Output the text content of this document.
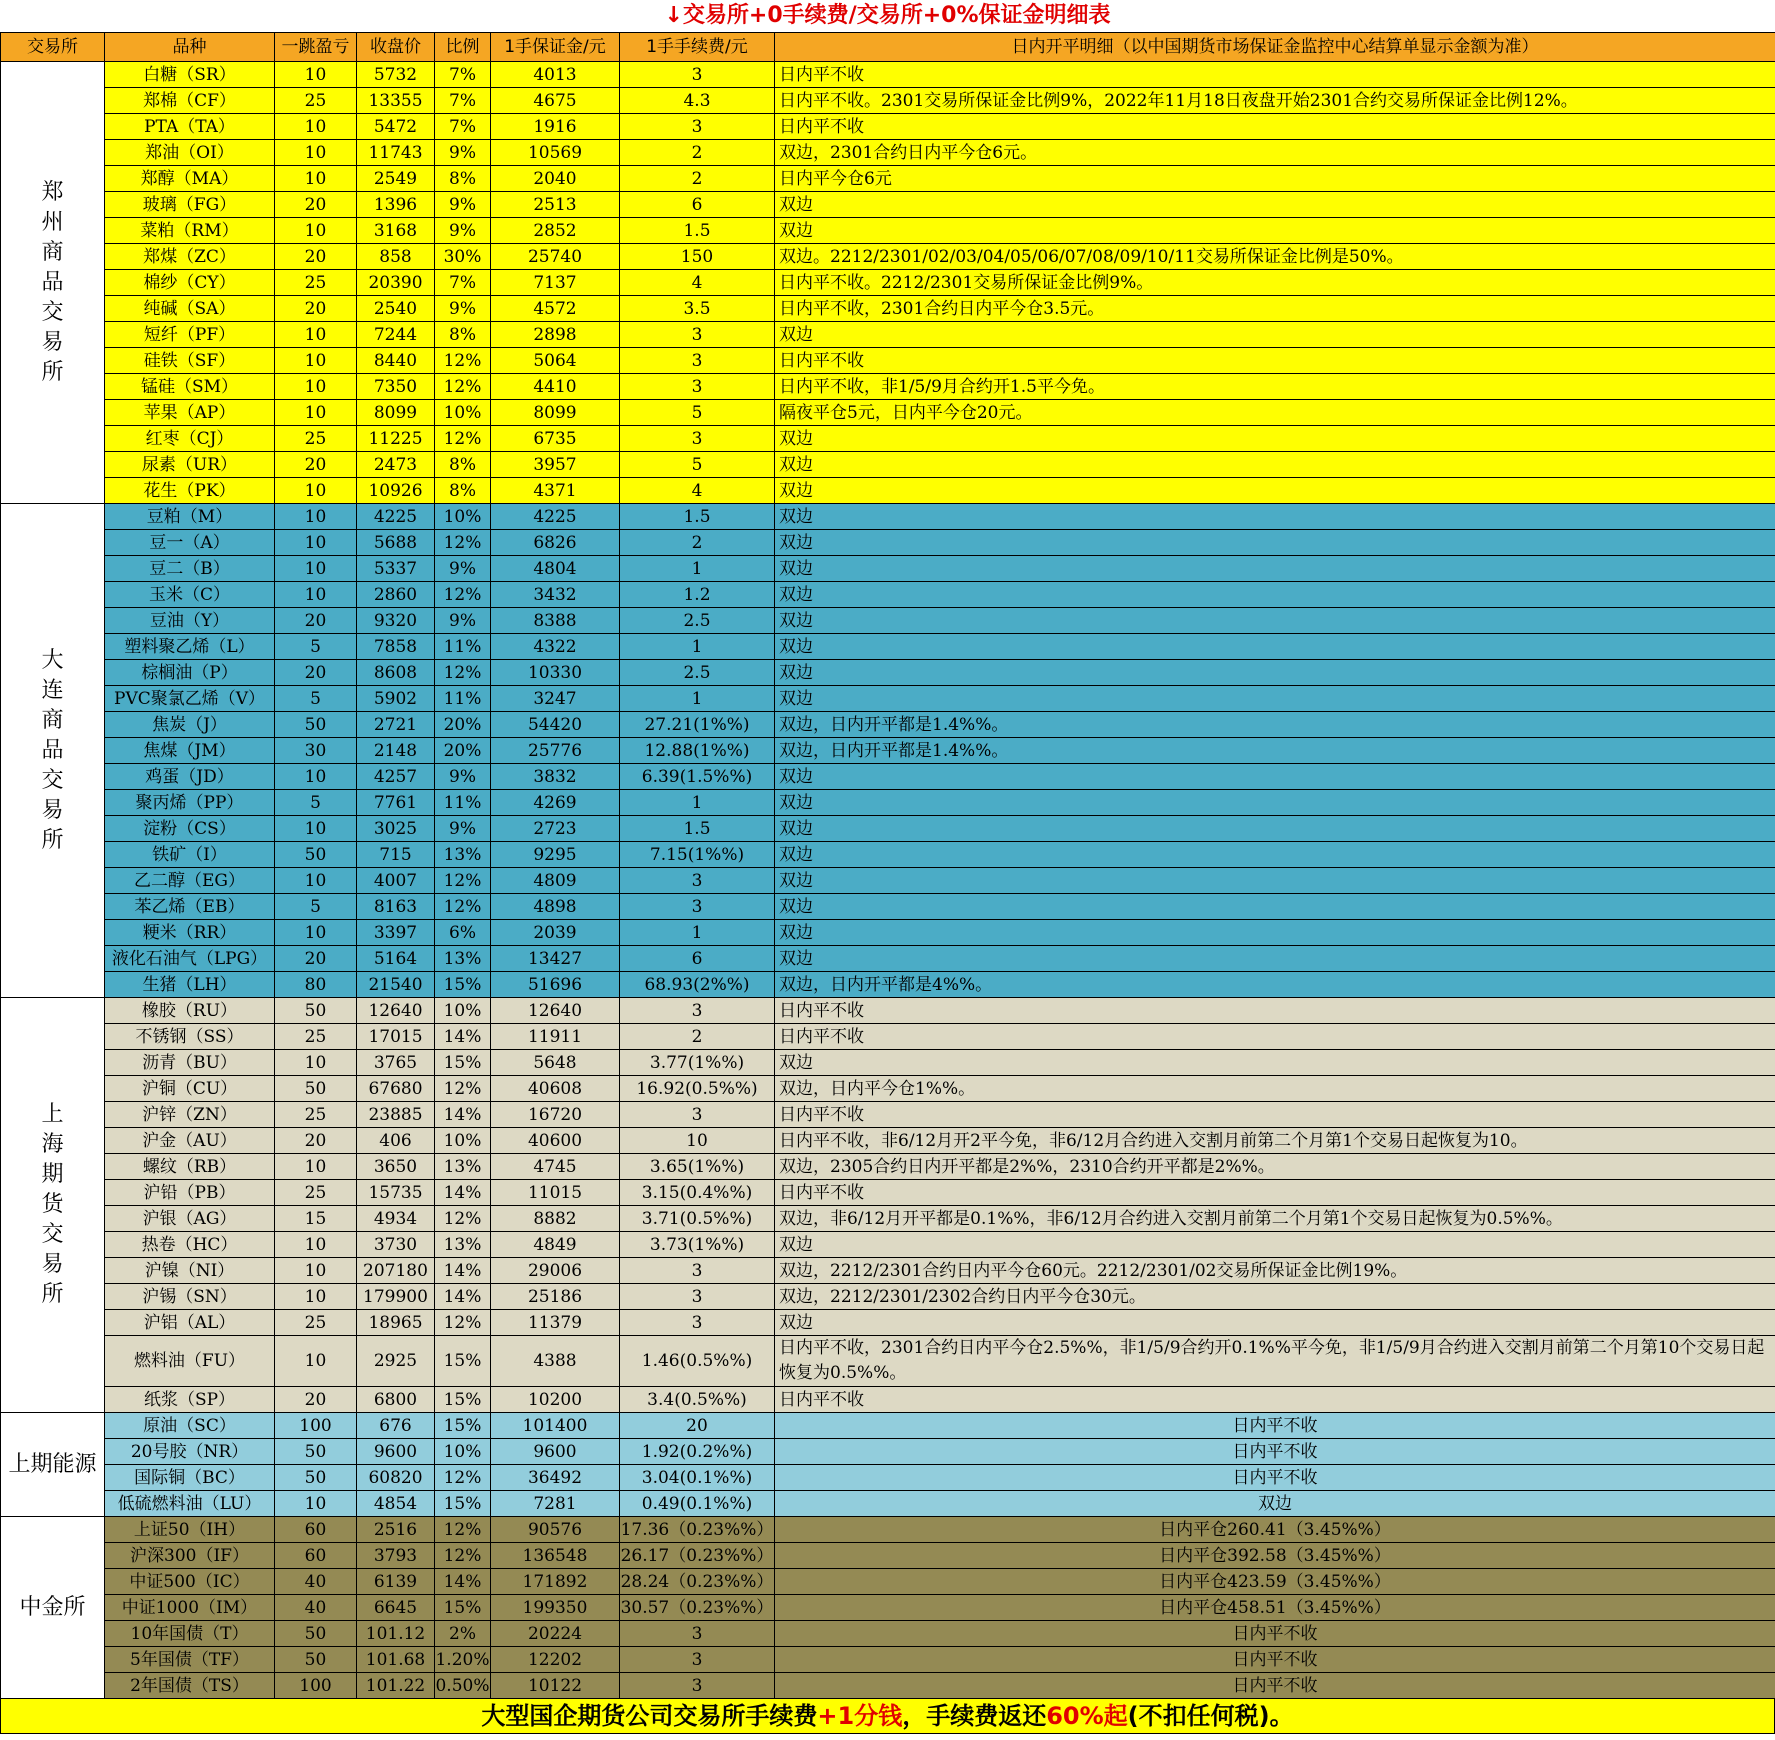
↓交易所+0手续费/交易所+0%保证金明细表
交易所	品种	一跳盈亏	收盘价	比例	1手保证金/元	1手手续费/元	日内开平明细（以中国期货市场保证金监控中心结算单显示金额为准）

郑州商品交易所	白糖（SR）	10	5732	7%	4013	3	日内平不收
	郑棉（CF）	25	13355	7%	4675	4.3	日内平不收。2301交易所保证金比例9%，2022年11月18日夜盘开始2301合约交易所保证金比例12%。
	PTA（TA）	10	5472	7%	1916	3	日内平不收
	郑油（OI）	10	11743	9%	10569	2	双边，2301合约日内平今仓6元。
	郑醇（MA）	10	2549	8%	2040	2	日内平今仓6元
	玻璃（FG）	20	1396	9%	2513	6	双边
	菜粕（RM）	10	3168	9%	2852	1.5	双边
	郑煤（ZC）	20	858	30%	25740	150	双边。2212/2301/02/03/04/05/06/07/08/09/10/11交易所保证金比例是50%。
	棉纱（CY）	25	20390	7%	7137	4	日内平不收。2212/2301交易所保证金比例9%。
	纯碱（SA）	20	2540	9%	4572	3.5	日内平不收，2301合约日内平今仓3.5元。
	短纤（PF）	10	7244	8%	2898	3	双边
	硅铁（SF）	10	8440	12%	5064	3	日内平不收
	锰硅（SM）	10	7350	12%	4410	3	日内平不收，非1/5/9月合约开1.5平今免。
	苹果（AP）	10	8099	10%	8099	5	隔夜平仓5元，日内平今仓20元。
	红枣（CJ）	25	11225	12%	6735	3	双边
	尿素（UR）	20	2473	8%	3957	5	双边
	花生（PK）	10	10926	8%	4371	4	双边

大连商品交易所	豆粕（M）	10	4225	10%	4225	1.5	双边
	豆一（A）	10	5688	12%	6826	2	双边
	豆二（B）	10	5337	9%	4804	1	双边
	玉米（C）	10	2860	12%	3432	1.2	双边
	豆油（Y）	20	9320	9%	8388	2.5	双边
	塑料聚乙烯（L）	5	7858	11%	4322	1	双边
	棕榈油（P）	20	8608	12%	10330	2.5	双边
	PVC聚氯乙烯（V）	5	5902	11%	3247	1	双边
	焦炭（J）	50	2721	20%	54420	27.21(1%%)	双边，日内开平都是1.4%%。
	焦煤（JM）	30	2148	20%	25776	12.88(1%%)	双边，日内开平都是1.4%%。
	鸡蛋（JD）	10	4257	9%	3832	6.39(1.5%%)	双边
	聚丙烯（PP）	5	7761	11%	4269	1	双边
	淀粉（CS）	10	3025	9%	2723	1.5	双边
	铁矿（I）	50	715	13%	9295	7.15(1%%)	双边
	乙二醇（EG）	10	4007	12%	4809	3	双边
	苯乙烯（EB）	5	8163	12%	4898	3	双边
	粳米（RR）	10	3397	6%	2039	1	双边
	液化石油气（LPG）	20	5164	13%	13427	6	双边
	生猪（LH）	80	21540	15%	51696	68.93(2%%)	双边，日内开平都是4%%。

上海期货交易所	橡胶（RU）	50	12640	10%	12640	3	日内平不收
	不锈钢（SS）	25	17015	14%	11911	2	日内平不收
	沥青（BU）	10	3765	15%	5648	3.77(1%%)	双边
	沪铜（CU）	50	67680	12%	40608	16.92(0.5%%)	双边，日内平今仓1%%。
	沪锌（ZN）	25	23885	14%	16720	3	日内平不收
	沪金（AU）	20	406	10%	40600	10	日内平不收，非6/12月开2平今免，非6/12月合约进入交割月前第二个月第1个交易日起恢复为10。
	螺纹（RB）	10	3650	13%	4745	3.65(1%%)	双边，2305合约日内开平都是2%%，2310合约开平都是2%%。
	沪铅（PB）	25	15735	14%	11015	3.15(0.4%%)	日内平不收
	沪银（AG）	15	4934	12%	8882	3.71(0.5%%)	双边，非6/12月开平都是0.1%%，非6/12月合约进入交割月前第二个月第1个交易日起恢复为0.5%%。
	热卷（HC）	10	3730	13%	4849	3.73(1%%)	双边
	沪镍（NI）	10	207180	14%	29006	3	双边，2212/2301合约日内平今仓60元。2212/2301/02交易所保证金比例19%。
	沪锡（SN）	10	179900	14%	25186	3	双边，2212/2301/2302合约日内平今仓30元。
	沪铝（AL）	25	18965	12%	11379	3	双边
	燃料油（FU）	10	2925	15%	4388	1.46(0.5%%)	日内平不收，2301合约日内平今仓2.5%%，非1/5/9合约开0.1%%平今免，非1/5/9月合约进入交割月前第二个月第10个交易日起恢复为0.5%%。
	纸浆（SP）	20	6800	15%	10200	3.4(0.5%%)	日内平不收
上期能源	原油（SC）	100	676	15%	101400	20	日内平不收
	20号胶（NR）	50	9600	10%	9600	1.92(0.2%%)	日内平不收
	国际铜（BC）	50	60820	12%	36492	3.04(0.1%%)	日内平不收
	低硫燃料油（LU）	10	4854	15%	7281	0.49(0.1%%)	双边
中金所	上证50（IH）	60	2516	12%	90576	17.36（0.23%%）	日内平仓260.41（3.45%%）
	沪深300（IF）	60	3793	12%	136548	26.17（0.23%%）	日内平仓392.58（3.45%%）
	中证500（IC）	40	6139	14%	171892	28.24（0.23%%）	日内平仓423.59（3.45%%）
	中证1000（IM）	40	6645	15%	199350	30.57（0.23%%）	日内平仓458.51（3.45%%）
	10年国债（T）	50	101.12	2%	20224	3	日内平不收
	5年国债（TF）	50	101.68	1.20%	12202	3	日内平不收
	2年国债（TS）	100	101.22	0.50%	10122	3	日内平不收
大型国企期货公司交易所手续费+1分钱，手续费返还60%起(不扣任何税)。
